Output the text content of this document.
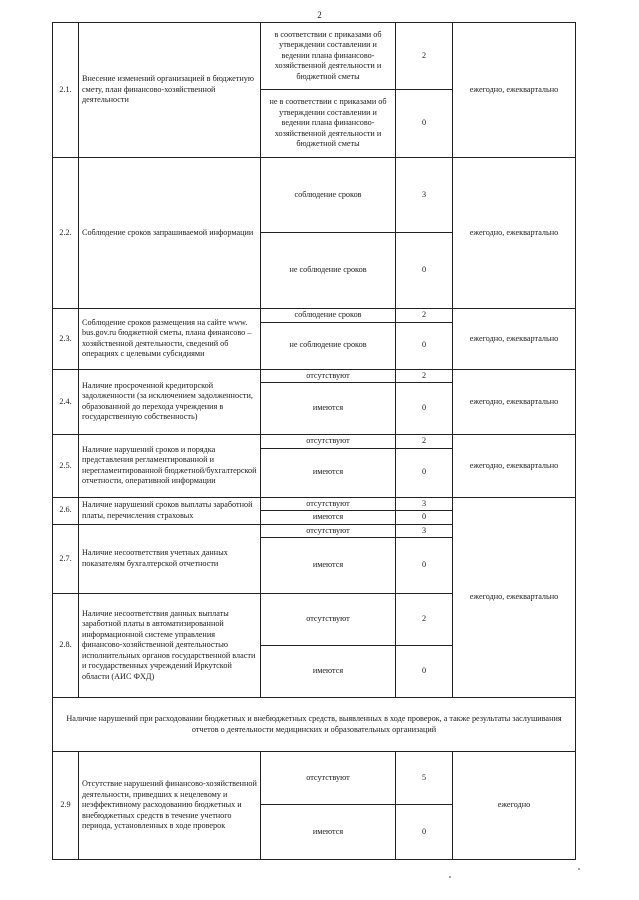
2
2.1.	Внесение изменений организацией в бюджетную смету, план финансово-хозяйственной деятельности	в соответствии с приказами об утверждении составлении и ведении плана финансово-хозяйственной деятельности и бюджетной сметы	2	ежегодно, ежеквартально
		не в соответствии с приказами об утверждении составлении и ведении плана финансово-хозяйственной деятельности и бюджетной сметы	0	
2.2.	Соблюдение сроков запрашиваемой информации	соблюдение сроков	3	ежегодно, ежеквартально
		не соблюдение сроков	0	
2.3.	Соблюдение сроков размещения на сайте www. bus.gov.ru бюджетной сметы, плана финансово – хозяйственной деятельности, сведений об операциях с целевыми субсидиями	соблюдение сроков	2	ежегодно, ежеквартально
		не соблюдение сроков	0	
2.4.	Наличие просроченной кредиторской задолженности (за исключением задолженности, образованной до перехода учреждения в государственную собственность)	отсутствуют	2	ежегодно, ежеквартально
		имеются	0	
2.5.	Наличие нарушений сроков и порядка представления регламентированной и нерегламентированной бюджетной/бухгалтерской отчетности, оперативной информации	отсутствуют	2	ежегодно, ежеквартально
		имеются	0	
2.6.	Наличие нарушений сроков выплаты заработной платы, перечисления страховых	отсутствуют	3	ежегодно, ежеквартально
		имеются	0	
2.7.	Наличие несоответствия учетных данных показателям бухгалтерской отчетности	отсутствуют	3	
		имеются	0	
2.8.	Наличие несоответствия данных выплаты заработной платы в автоматизированной информационной системе управления финансово-хозяйственной деятельностью исполнительных органов государственной власти и государственных учреждений Иркутской области (АИС ФХД)	отсутствуют	2	
		имеются	0	
Наличие нарушений при расходовании бюджетных и внебюджетных средств, выявленных в ходе проверок, а также результаты заслушивания отчетов о деятельности медицинских и образовательных организаций				
2.9	Отсутствие нарушений финансово-хозяйственной деятельности, приведших к нецелевому и неэффективному расходованию бюджетных и внебюджетных средств в течение учетного периода, установленных в ходе проверок	отсутствуют	5	ежегодно
		имеются	0	
